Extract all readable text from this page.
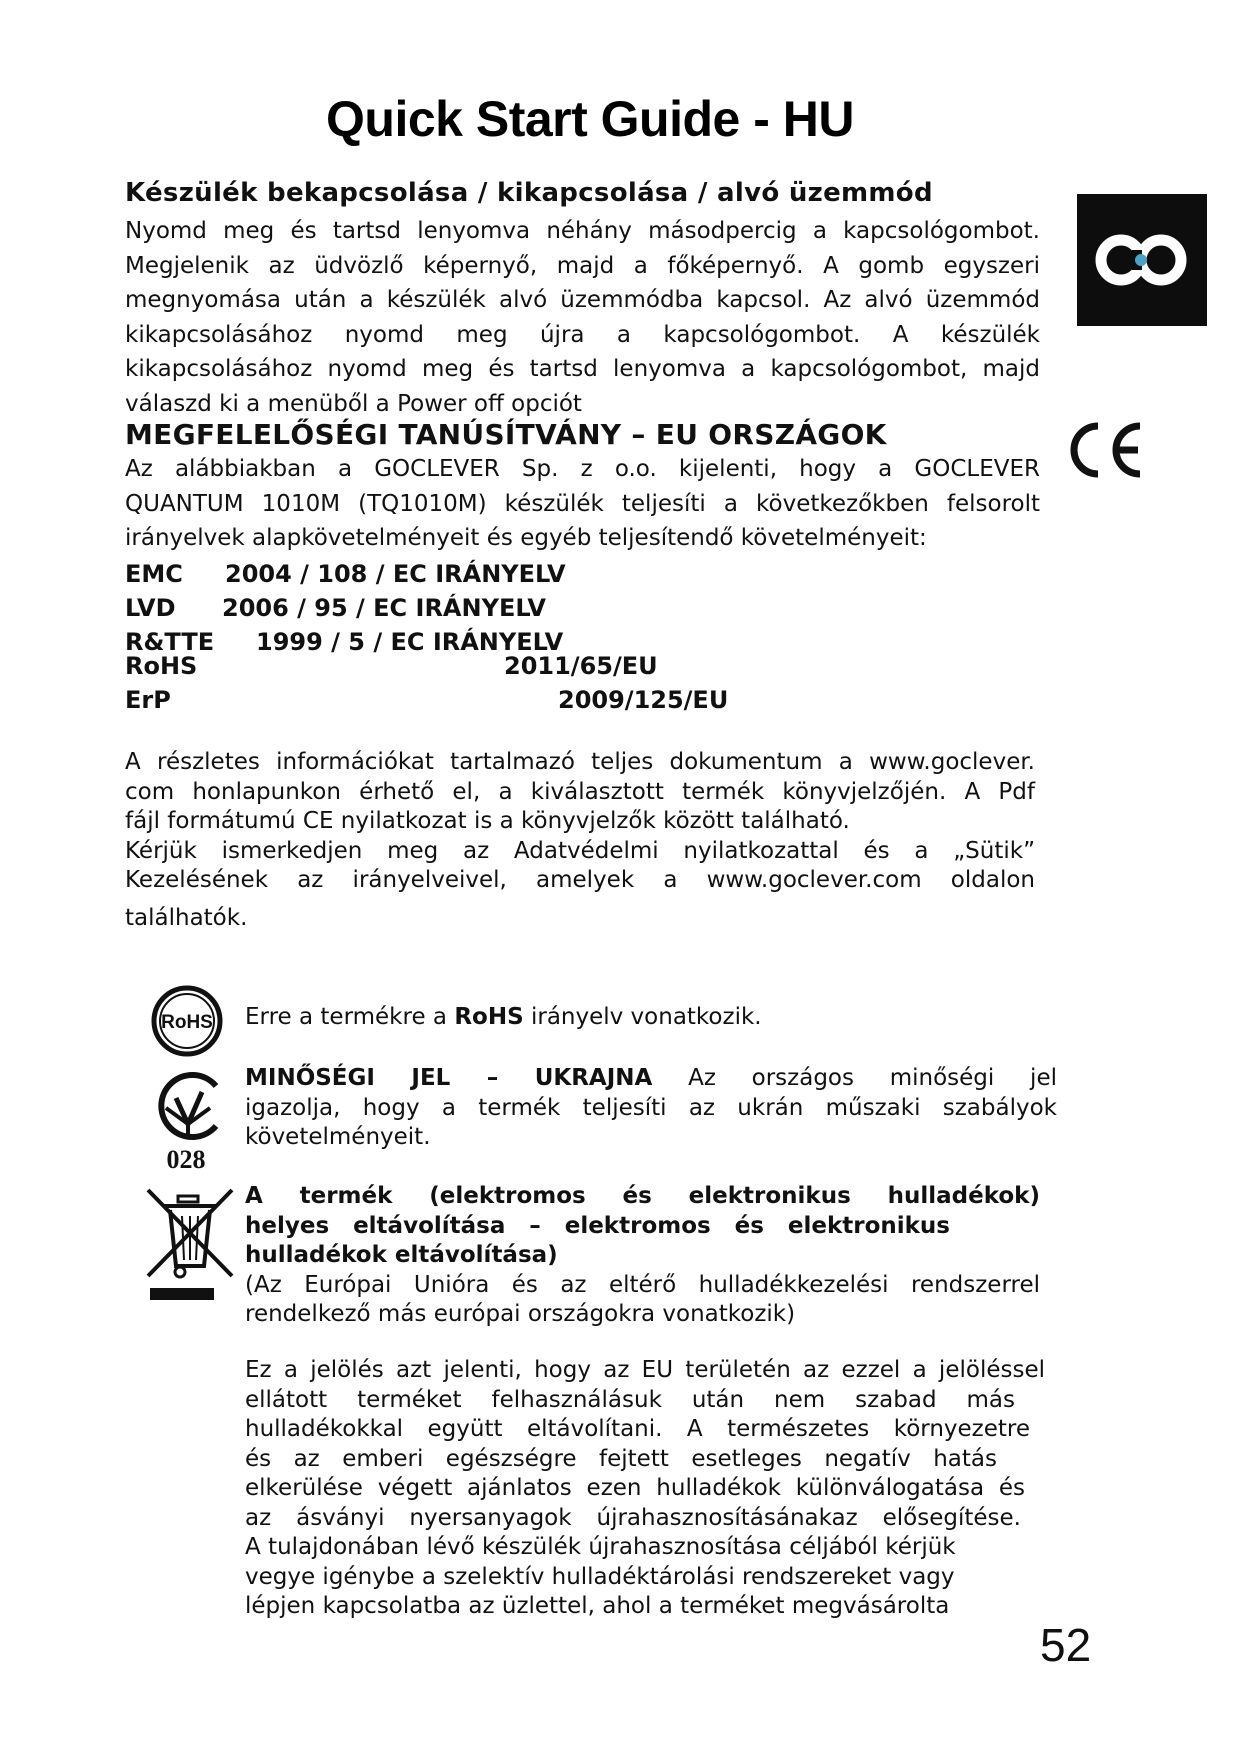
Quick Start Guide - HU
Készülék bekapcsolása / kikapcsolása / alvó üzemmód
Nyomd meg és tartsd lenyomva néhány másodpercig a kapcsológombot.
Megjelenik az üdvözlő képernyő, majd a főképernyő. A gomb egyszeri
megnyomása után a készülék alvó üzemmódba kapcsol. Az alvó üzemmód
kikapcsolásához nyomd meg újra a kapcsológombot. A készülék
kikapcsolásához nyomd meg és tartsd lenyomva a kapcsológombot, majd
válaszd ki a menüből a Power off opciót
MEGFELELŐSÉGI TANÚSÍTVÁNY – EU ORSZÁGOK
Az alábbiakban a GOCLEVER Sp. z o.o. kijelenti, hogy a GOCLEVER
QUANTUM 1010M (TQ1010M) készülék teljesíti a következőkben felsorolt
irányelvek alapkövetelményeit és egyéb teljesítendő követelményeit:
EMC 2004 / 108 / EC IRÁNYELV
LVD 2006 / 95 / EC IRÁNYELV
R&TTE 1999 / 5 / EC IRÁNYELV
RoHS	2011/65/EU
ErP	2009/125/EU
A részletes információkat tartalmazó teljes dokumentum a www.goclever.
com honlapunkon érhető el, a kiválasztott termék könyvjelzőjén. A Pdf
fájl formátumú CE nyilatkozat is a könyvjelzők között található.
Kérjük ismerkedjen meg az Adatvédelmi nyilatkozattal és a „Sütik”
Kezelésének az irányelveivel, amelyek a www.goclever.com oldalon
találhatók.
RoHS Erre a termékre a RoHS irányelv vonatkozik.
028
MINŐSÉGI JEL – UKRAJNA Az országos minőségi jel
igazolja, hogy a termék teljesíti az ukrán műszaki szabályok
követelményeit.
A termék (elektromos és elektronikus hulladékok)
helyes eltávolítása – elektromos és elektronikus
hulladékok eltávolítása)
(Az Európai Unióra és az eltérő hulladékkezelési rendszerrel
rendelkező más európai országokra vonatkozik)
Ez a jelölés azt jelenti, hogy az EU területén az ezzel a jelöléssel
ellátott terméket felhasználásuk után nem szabad más
hulladékokkal együtt eltávolítani. A természetes környezetre
és az emberi egészségre fejtett esetleges negatív hatás
elkerülése végett ajánlatos ezen hulladékok különválogatása és
az ásványi nyersanyagok újrahasznosításánakaz elősegítése.
A tulajdonában lévő készülék újrahasznosítása céljából kérjük
vegye igénybe a szelektív hulladéktárolási rendszereket vagy
lépjen kapcsolatba az üzlettel, ahol a terméket megvásárolta
52
